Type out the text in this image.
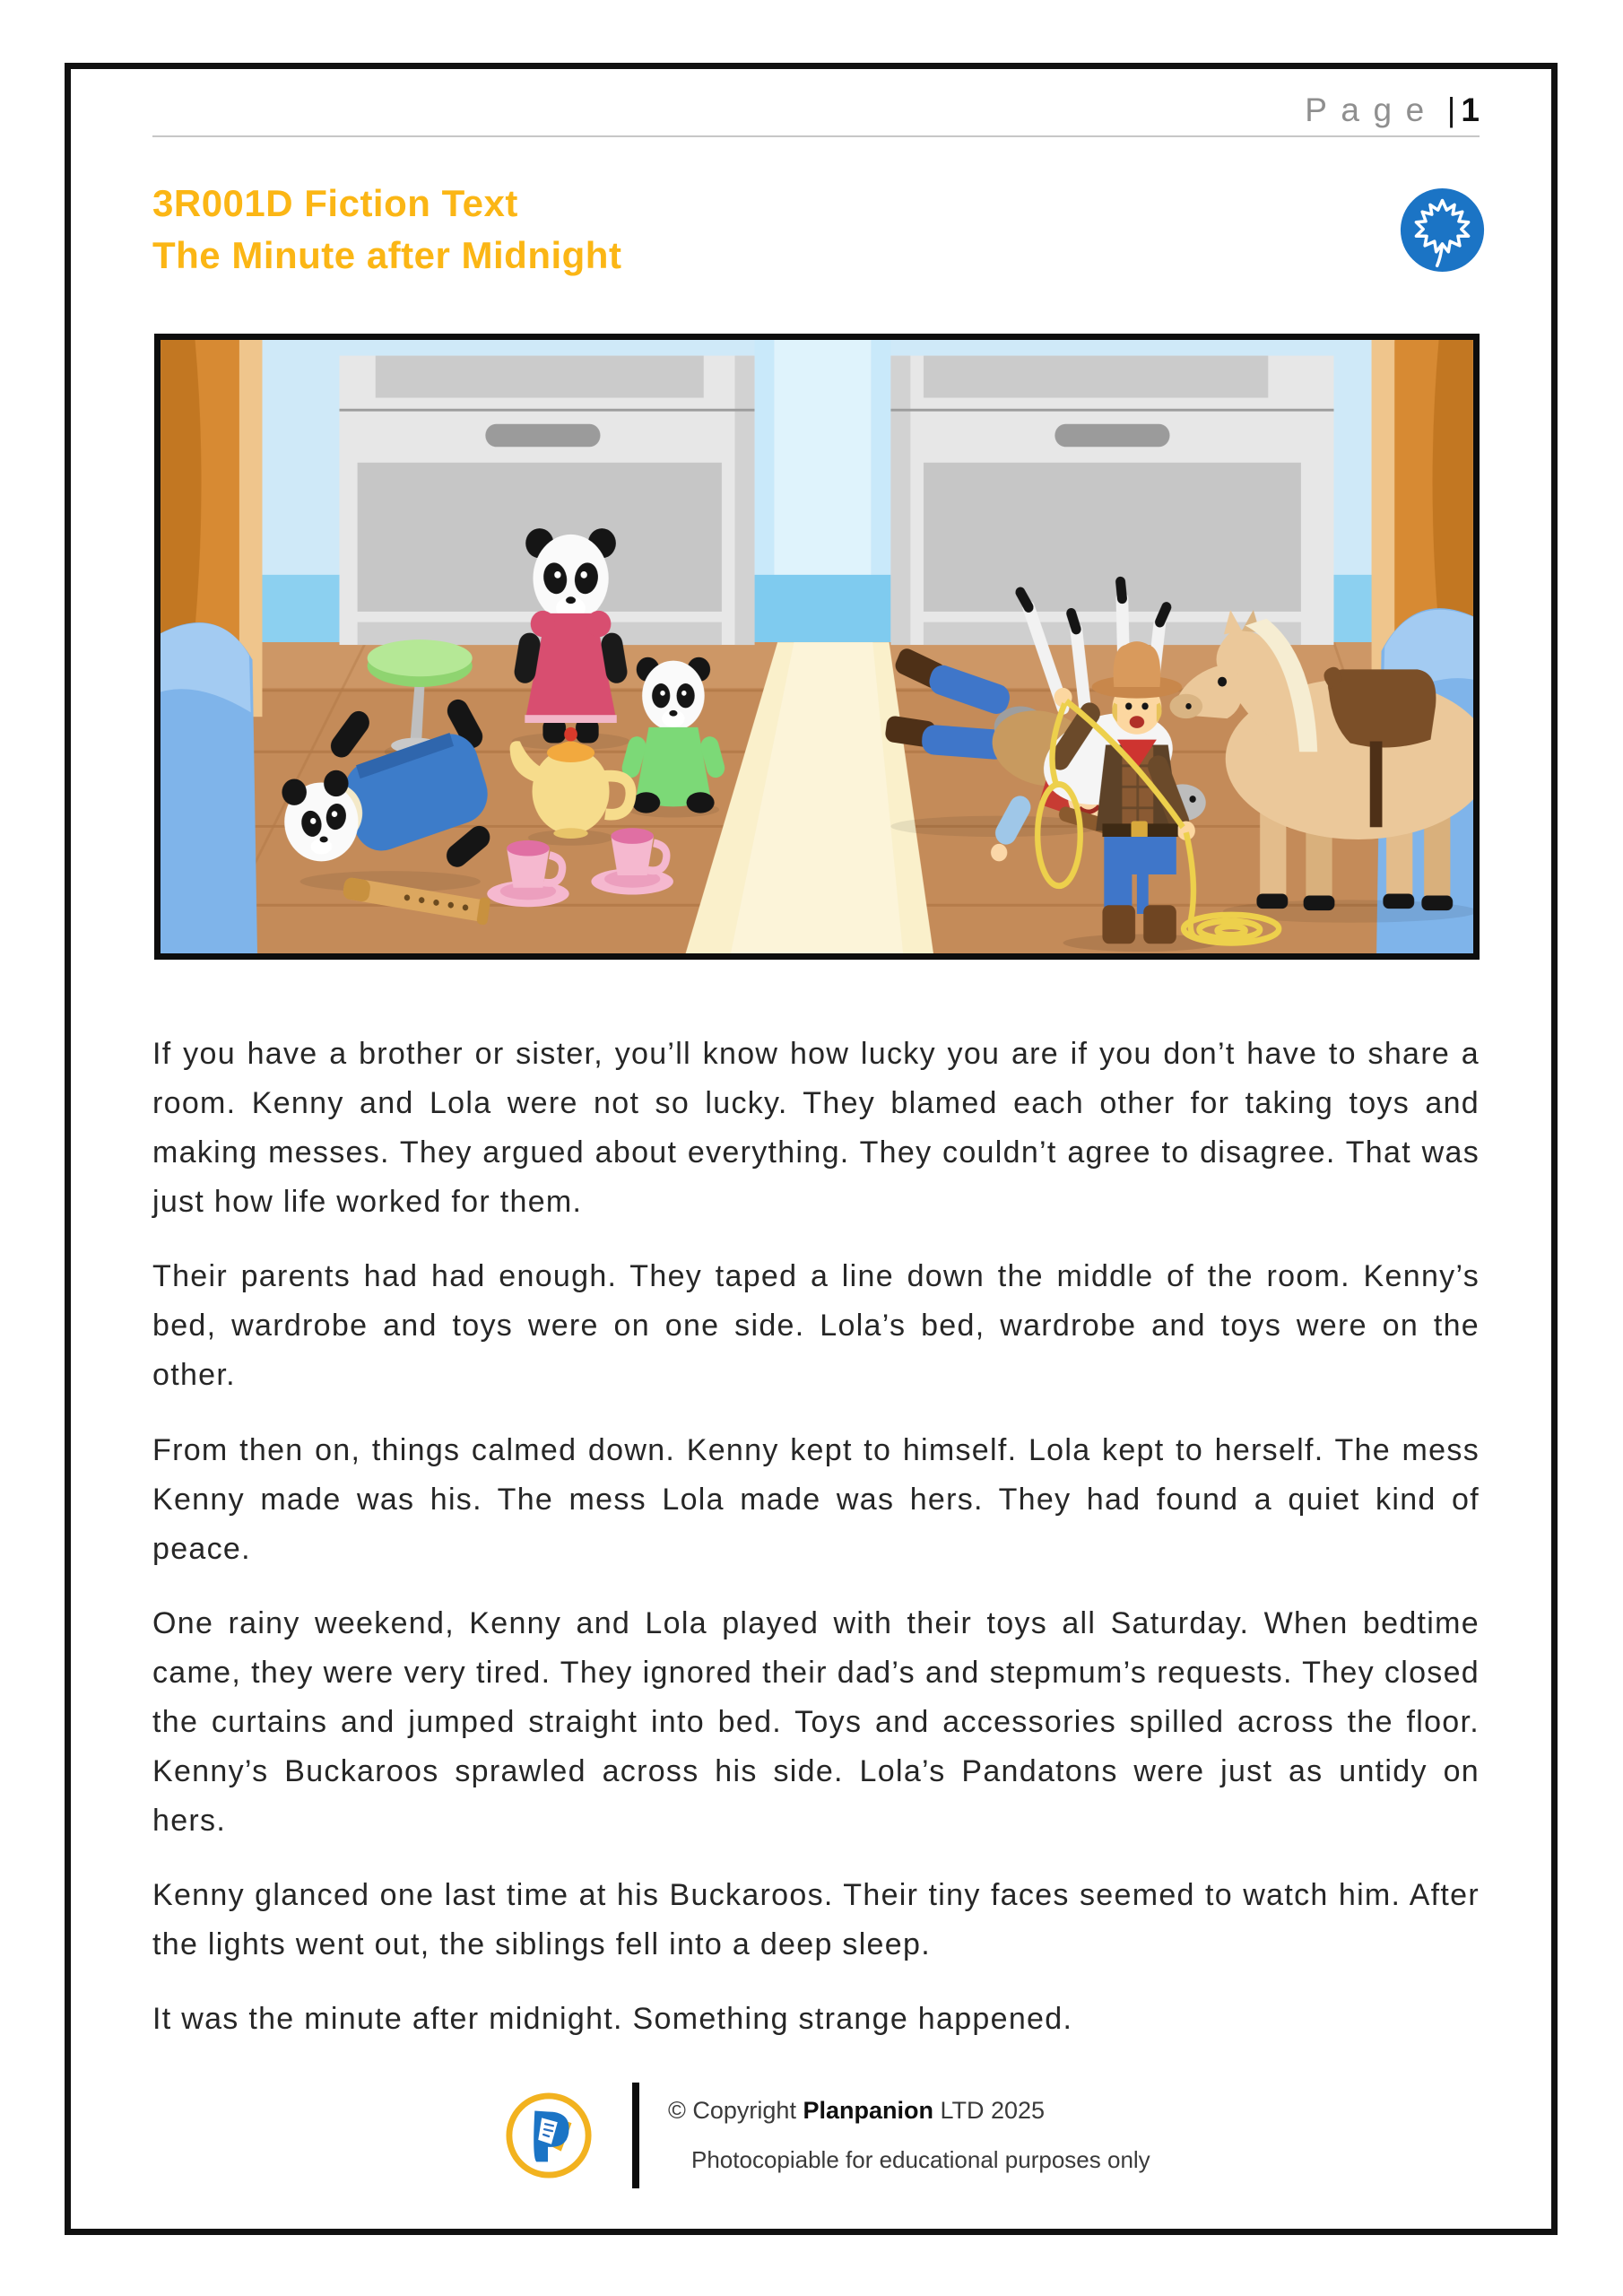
Page | 1
3R001D Fiction Text
The Minute after Midnight

If you have a brother or sister, you’ll know how lucky you are if you don’t have to share a room. Kenny and Lola were not so lucky. They blamed each other for taking toys and making messes. They argued about everything. They couldn’t agree to disagree. That was just how life worked for them.

Their parents had had enough. They taped a line down the middle of the room. Kenny’s bed, wardrobe and toys were on one side. Lola’s bed, wardrobe and toys were on the other.

From then on, things calmed down. Kenny kept to himself. Lola kept to herself. The mess Kenny made was his. The mess Lola made was hers. They had found a quiet kind of peace.

One rainy weekend, Kenny and Lola played with their toys all Saturday. When bedtime came, they were very tired. They ignored their dad’s and stepmum’s requests. They closed the curtains and jumped straight into bed. Toys and accessories spilled across the floor. Kenny’s Buckaroos sprawled across his side. Lola’s Pandatons were just as untidy on hers.

Kenny glanced one last time at his Buckaroos. Their tiny faces seemed to watch him. After the lights went out, the siblings fell into a deep sleep.

It was the minute after midnight. Something strange happened.

© Copyright Planpanion LTD 2025
Photocopiable for educational purposes only
